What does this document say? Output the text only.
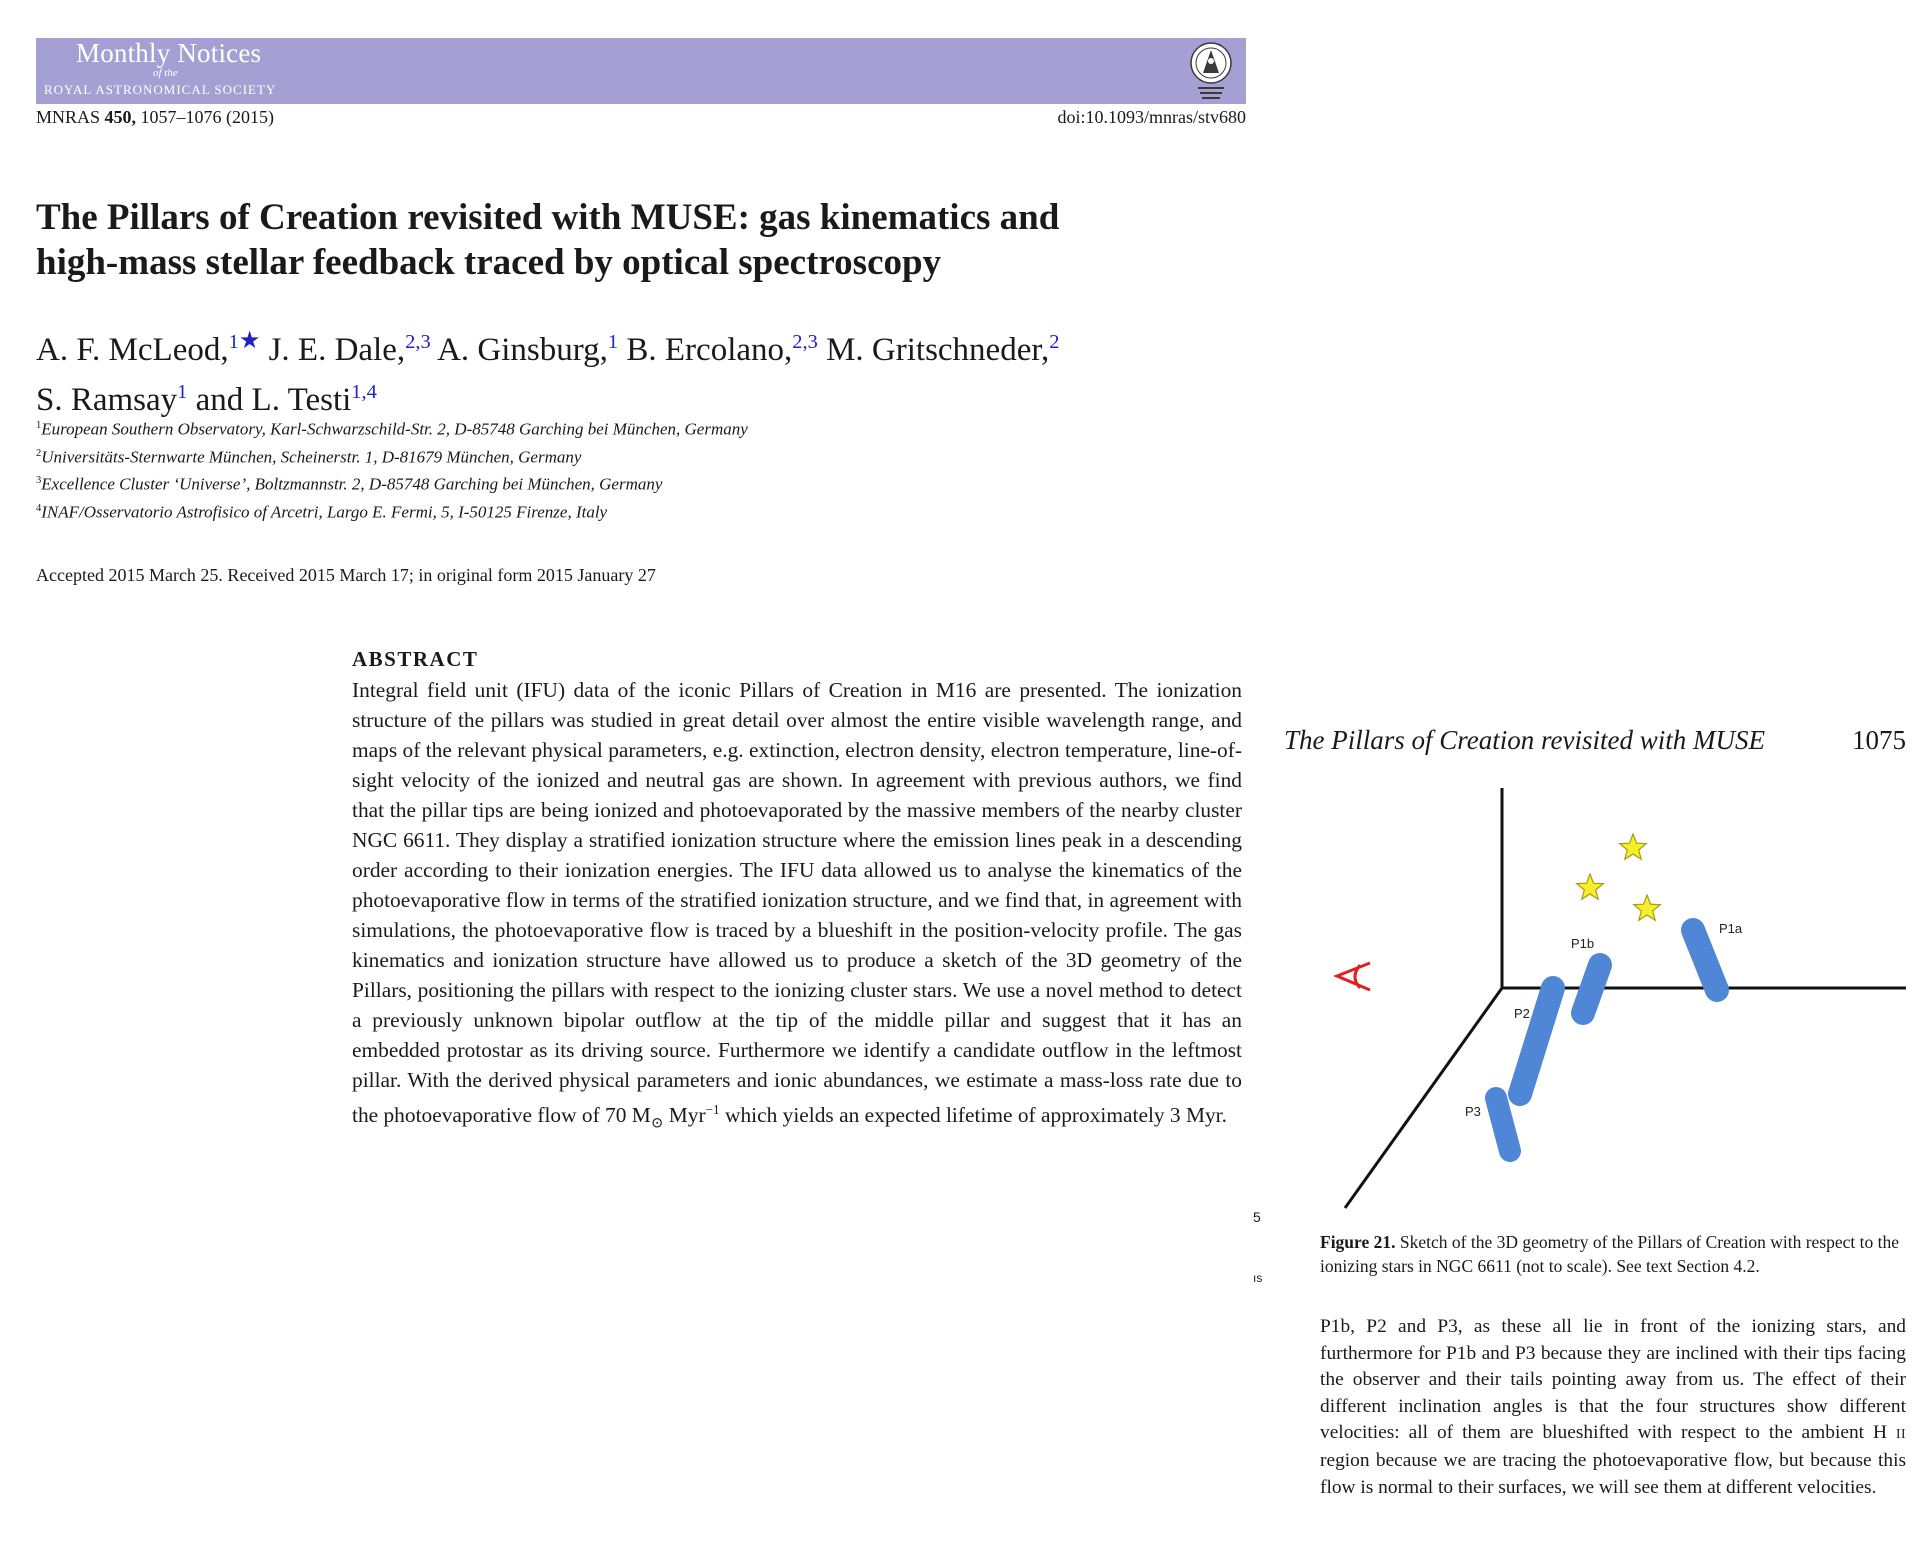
Monthly Notices
of the
ROYAL ASTRONOMICAL SOCIETY
MNRAS 450, 1057–1076 (2015)	doi:10.1093/mnras/stv680
The Pillars of Creation revisited with MUSE: gas kinematics and
high-mass stellar feedback traced by optical spectroscopy
A. F. McLeod,$^{1★}$ J. E. Dale,$^{2,3}$ A. Ginsburg,$^1$ B. Ercolano,$^{2,3}$ M. Gritschneder,$^2$
S. Ramsay$^1$ and L. Testi$^{1,4}$
$^1$European Southern Observatory, Karl-Schwarzschild-Str. 2, D-85748 Garching bei München, Germany
$^2$Universitäts-Sternwarte München, Scheinerstr. 1, D-81679 München, Germany
$^3$Excellence Cluster ‘Universe’, Boltzmannstr. 2, D-85748 Garching bei München, Germany
$^4$INAF/Osservatorio Astrofisico of Arcetri, Largo E. Fermi, 5, I-50125 Firenze, Italy
Accepted 2015 March 25. Received 2015 March 17; in original form 2015 January 27
ABSTRACT
Integral field unit (IFU) data of the iconic Pillars of Creation in M16 are presented. The ionization structure of the pillars was studied in great detail over almost the entire visible wavelength range, and maps of the relevant physical parameters, e.g. extinction, electron density, electron temperature, line-of-sight velocity of the ionized and neutral gas are shown. In agreement with previous authors, we find that the pillar tips are being ionized and photoevaporated by the massive members of the nearby cluster NGC 6611. They display a stratified ionization structure where the emission lines peak in a descending order according to their ionization energies. The IFU data allowed us to analyse the kinematics of the photoevaporative flow in terms of the stratified ionization structure, and we find that, in agreement with simulations, the photoevaporative flow is traced by a blueshift in the position-velocity profile. The gas kinematics and ionization structure have allowed us to produce a sketch of the 3D geometry of the Pillars, positioning the pillars with respect to the ionizing cluster stars. We use a novel method to detect a previously unknown bipolar outflow at the tip of the middle pillar and suggest that it has an embedded protostar as its driving source. Furthermore we identify a candidate outflow in the leftmost pillar. With the derived physical parameters and ionic abundances, we estimate a mass-loss rate due to the photoevaporative flow of 70 $M_⊙$ Myr$^{-1}$ which yields an expected lifetime of approximately 3 Myr.
The Pillars of Creation revisited with MUSE	1075
P1a
P1b
P2
P3
5
ıs
Figure 21. Sketch of the 3D geometry of the Pillars of Creation with respect to the ionizing stars in NGC 6611 (not to scale). See text Section 4.2.
P1b, P2 and P3, as these all lie in front of the ionizing stars, and furthermore for P1b and P3 because they are inclined with their tips facing the observer and their tails pointing away from us. The effect of their different inclination angles is that the four structures show different velocities: all of them are blueshifted with respect to the ambient H II region because we are tracing the photoevaporative flow, but because this flow is normal to their surfaces, we will see them at different velocities.
